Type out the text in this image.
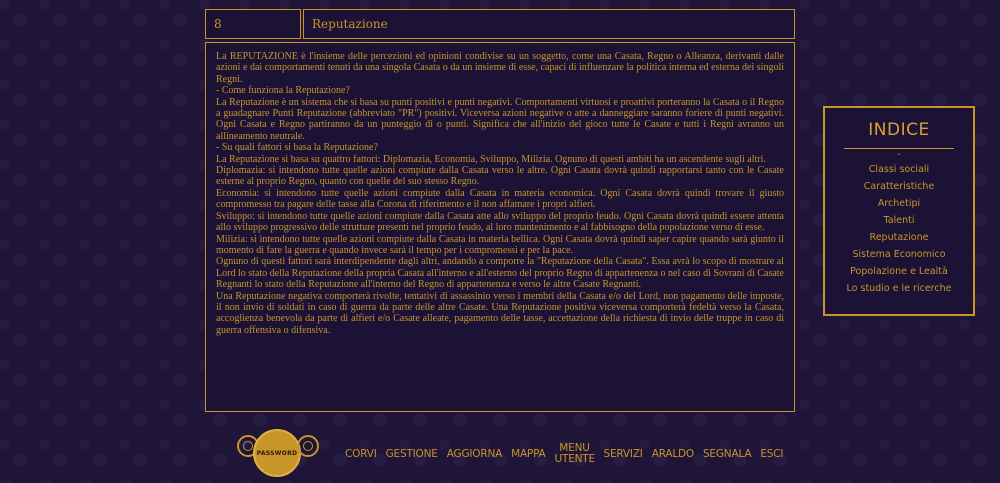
8	Reputazione

La REPUTAZIONE è l'insieme delle percezioni ed opinioni condivise su un soggetto, come una Casata, Regno o Alleanza, derivanti dalle azioni e dai comportamenti tenuti da una singola Casata o da un insieme di esse, capaci di influenzare la politica interna ed esterna dei singoli Regni.

- Come funziona la Reputazione?
La Reputazione è un sistema che si basa su punti positivi e punti negativi. Comportamenti virtuosi e proattivi porteranno la Casata o il Regno a guadagnare Punti Reputazione (abbreviato "PR") positivi. Viceversa azioni negative o atte a danneggiare saranno foriere di punti negativi. Ogni Casata e Regno partiranno da un punteggio di o punti. Significa che all'inizio del gioco tutte le Casate e tutti i Regni avranno un allineamento neutrale.

- Su quali fattori si basa la Reputazione?
La Reputazione si basa su quattro fattori: Diplomazia, Economia, Sviluppo, Milizia. Ognuno di questi ambiti ha un ascendente sugli altri.
Diplomazia: si intendono tutte quelle azioni compiute dalla Casata verso le altre. Ogni Casata dovrà quindi rapportarsi tanto con le Casate esterne al proprio Regno, quanto con quelle del suo stesso Regno.
Economia: si intendono tutte quelle azioni compiute dalla Casata in materia economica. Ogni Casata dovrà quindi trovare il giusto compromesso tra pagare delle tasse alla Corona di riferimento e il non affamare i propri alfieri.
Sviluppo: si intendono tutte quelle azioni compiute dalla Casata atte allo sviluppo del proprio feudo. Ogni Casata dovrà quindi essere attenta allo sviluppo progressivo delle strutture presenti nel proprio feudo, al loro mantenimento e al fabbisogno della popolazione verso di esse.
Milizia: si intendono tutte quelle azioni compiute dalla Casata in materia bellica. Ogni Casata dovrà quindi saper capire quando sarà giunto il momento di fare la guerra e quando invece sarà il tempo per i compromessi e per la pace.

Ognuno di questi fattori sarà interdipendente dagli altri, andando a comporre la "Reputazione della Casata". Essa avrà lo scopo di mostrare al Lord lo stato della Reputazione della propria Casata all'interno e all'esterno del proprio Regno di appartenenza o nel caso di Sovrani di Casate Regnanti lo stato della Reputazione all'interno del Regno di appartenenza e verso le altre Casate Regnanti.
Una Reputazione negativa comporterà rivolte, tentativi di assassinio verso i membri della Casata e/o del Lord, non pagamento delle imposte, il non invio di soldati in caso di guerra da parte delle altre Casate. Una Reputazione positiva viceversa comporterà fedeltà verso la Casata, accoglienza benevola da parte di alfieri e/o Casate alleate, pagamento delle tasse, accettazione della richiesta di invio delle truppe in caso di guerra offensiva o difensiva.

INDICE
-
Classi sociali
Caratteristiche
Archetipi
Talenti
Reputazione
Sistema Economico
Popolazione e Lealtà
Lo studio e le ricerche
PASSWORD	CORVI GESTIONE AGGIORNA MAPPA	MENU UTENTE SERVIZI ARALDO SEGNALA ESCI
